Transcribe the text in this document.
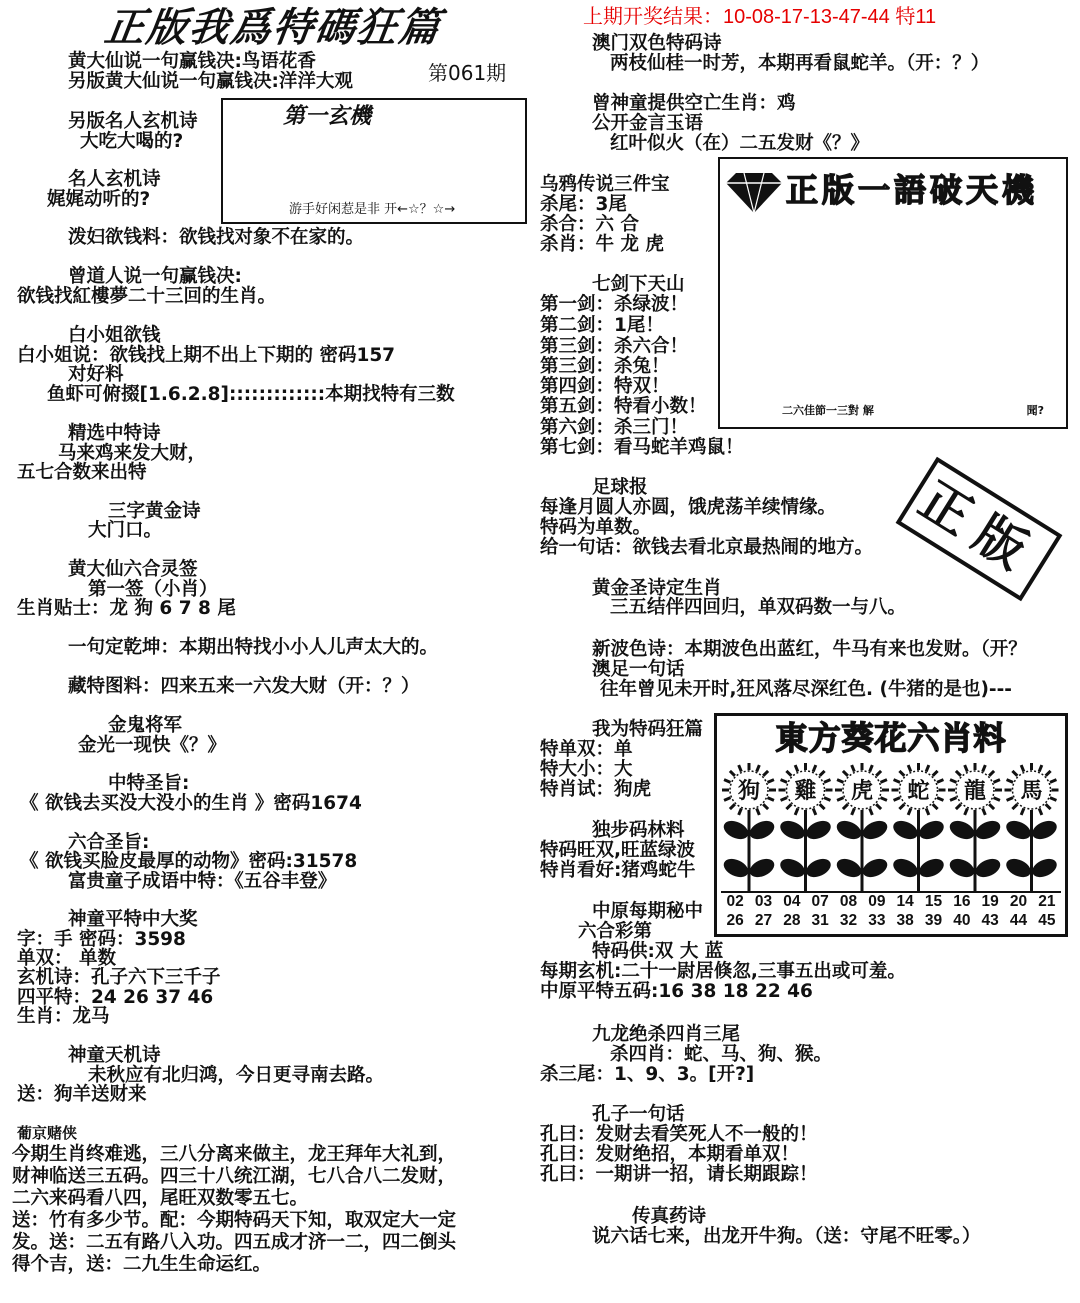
正版我爲特碼狂篇
黄大仙说一句赢钱决:鸟语花香
另版黄大仙说一句赢钱决:洋洋大观	第061期
第一玄機
游手好闲惹是非 开←☆？☆→
另版名人玄机诗
大吃大喝的?
名人玄机诗
娓娓动听的?
泼妇欲钱料：欲钱找对象不在家的。
曾道人说一句赢钱决:
欲钱找紅樓夢二十三回的生肖。
白小姐欲钱
白小姐说：欲钱找上期不出上下期的 密码157
对好料
鱼虾可俯掇[1.6.2.8]:::::::::::::本期找特有三数
精选中特诗
马来鸡来发大财，
五七合数来出特
三字黄金诗
大门口。
黄大仙六合灵签
第一签（小肖）
生肖贴士：龙 狗 6 7 8 尾
一句定乾坤：本期出特找小小人儿声太大的。
藏特图料：四来五来一六发大财（开：？）
金鬼将军
金光一现快《？》
中特圣旨:
《 欲钱去买没大没小的生肖 》密码1674
六合圣旨:
《 欲钱买脸皮最厚的动物》密码:31578
富贵童子成语中特：《五谷丰登》
神童平特中大奖
字：手 密码：3598
单双： 单数
玄机诗：孔子六下三千子
四平特：24 26 37 46
生肖：龙马
神童天机诗
未秋应有北归鸿，今日更寻南去路。
送：狗羊送财来
葡京赌侠
今期生肖终难逃，三八分离来做主，龙王拜年大礼到，
财神临送三五码。四三十八统江湖，七八合八二发财，
二六来码看八四，尾旺双数零五七。
送：竹有多少节。配：今期特码天下知，取双定大一定
发。送：二五有路八入功。四五成才济一二，四二倒头
得个吉，送：二九生生命运红。
上期开奖结果：10-08-17-13-47-44 特11
澳门双色特码诗
两枝仙桂一时芳，本期再看鼠蛇羊。（开：？）
曾神童提供空亡生肖：鸡
公开金言玉语
红叶似火（在）二五发财《？》
乌鸦传说三件宝
杀尾：3尾
杀合：六 合
杀肖：牛 龙 虎
正版一語破天機
二六佳節一三對 解	聞?
七剑下天山
第一剑：杀绿波！
第二剑：1尾！
第三剑：杀六合！
第三剑：杀兔！
第四剑：特双！
第五剑：特看小数！
第六剑：杀三门！
第七剑：看马蛇羊鸡鼠！
正版
足球报
每逢月圆人亦圆，饿虎荡羊续情缘。
特码为单数。
给一句话：欲钱去看北京最热闹的地方。
黄金圣诗定生肖
三五结伴四回归，单双码数一与八。
新波色诗：本期波色出蓝红，牛马有来也发财。（开？
澳足一句话
往年曾见未开时,狂风落尽深红色. (牛猪的是也)---
我为特码狂篇
特单双：单
特大小：大
特肖试：狗虎
独步码林料
特码旺双,旺蓝绿波
特肖看好:猪鸡蛇牛
東方葵花六肖料
狗 雞 虎 蛇 龍 馬
02 03 04 07 08 09 14 15 16 19 20 21
26 27 28 31 32 33 38 39 40 43 44 45
中原每期秘中
六合彩第
特码供:双 大 蓝
每期玄机:二十一尉居倏忽,三事五出或可羞。
中原平特五码:16 38 18 22 46
九龙绝杀四肖三尾
杀四肖：蛇、马、狗、猴。
杀三尾：1、9、3。[开?]
孔子一句话
孔曰：发财去看笑死人不一般的！
孔曰：发财绝招，本期看单双！
孔曰：一期讲一招，请长期跟踪！
传真药诗
说六话七来，出龙开牛狗。（送：守尾不旺零。）
